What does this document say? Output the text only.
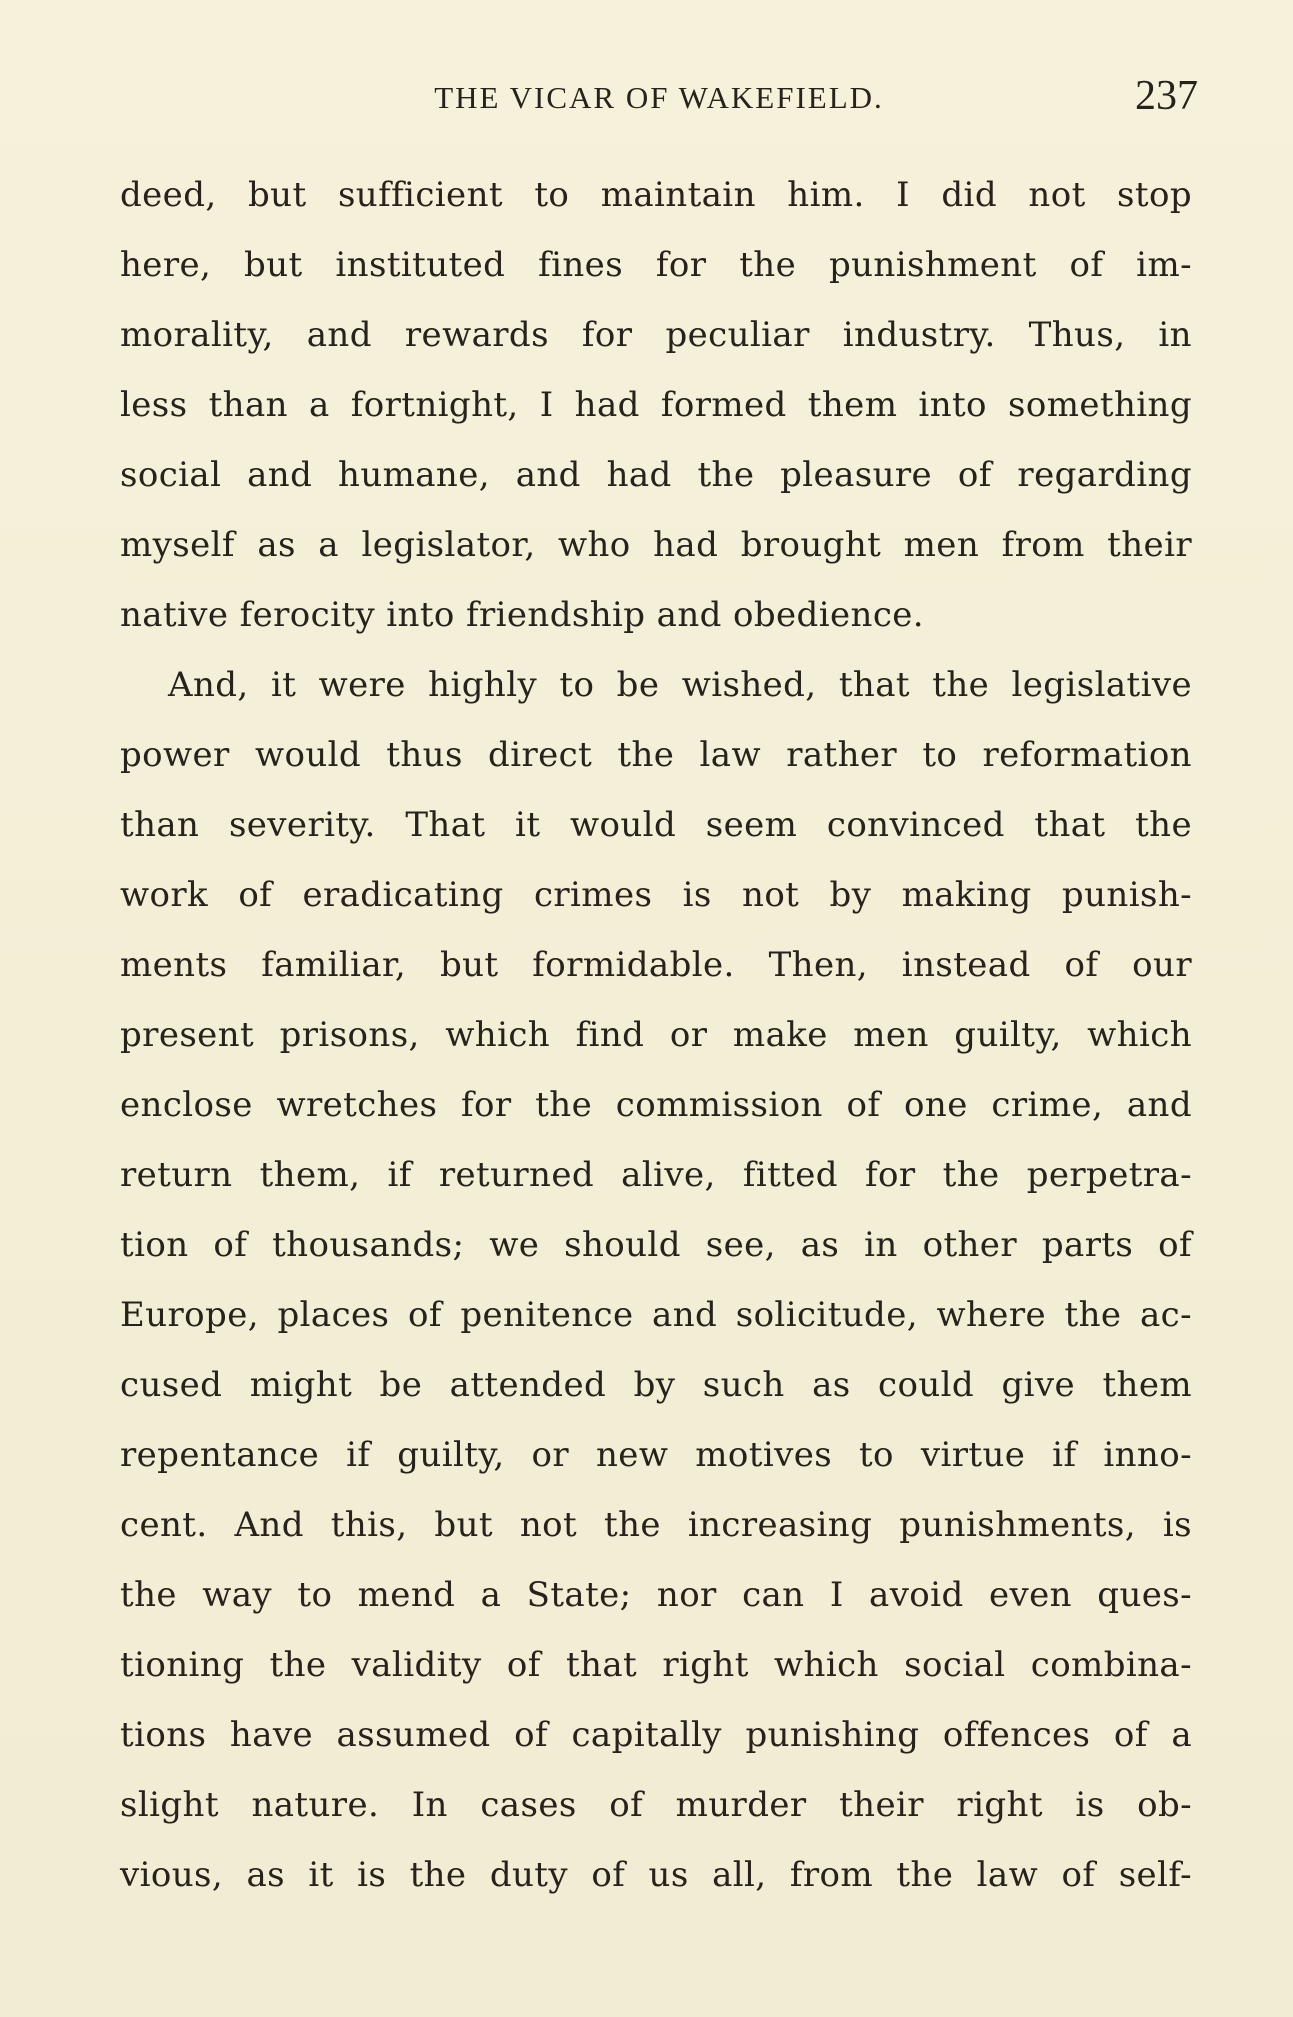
THE VICAR OF WAKEFIELD.	237
deed, but sufficient to maintain him. I did not stop
here, but instituted fines for the punishment of im-
morality, and rewards for peculiar industry. Thus, in
less than a fortnight, I had formed them into something
social and humane, and had the pleasure of regarding
myself as a legislator, who had brought men from their
native ferocity into friendship and obedience.
And, it were highly to be wished, that the legislative
power would thus direct the law rather to reformation
than severity. That it would seem convinced that the
work of eradicating crimes is not by making punish-
ments familiar, but formidable. Then, instead of our
present prisons, which find or make men guilty, which
enclose wretches for the commission of one crime, and
return them, if returned alive, fitted for the perpetra-
tion of thousands; we should see, as in other parts of
Europe, places of penitence and solicitude, where the ac-
cused might be attended by such as could give them
repentance if guilty, or new motives to virtue if inno-
cent. And this, but not the increasing punishments, is
the way to mend a State; nor can I avoid even ques-
tioning the validity of that right which social combina-
tions have assumed of capitally punishing offences of a
slight nature. In cases of murder their right is ob-
vious, as it is the duty of us all, from the law of self-
